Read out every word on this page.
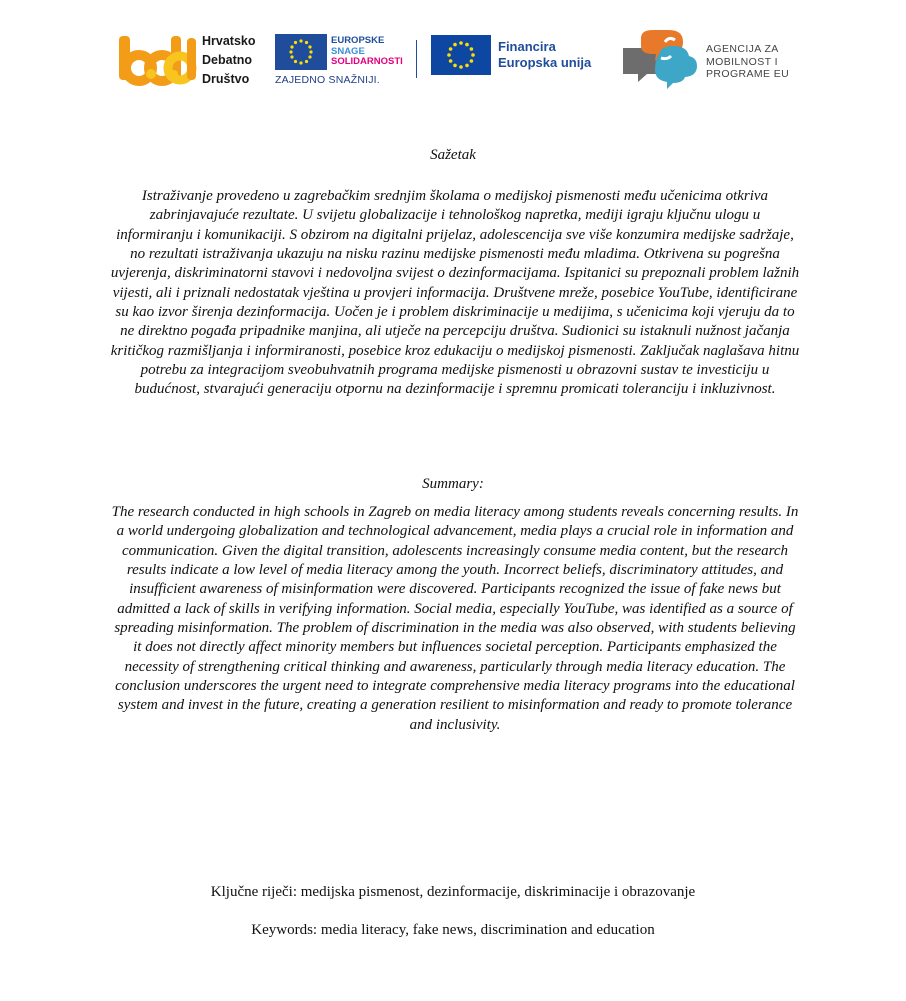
Hrvatsko
Debatno
Društvo
EUROPSKE
SNAGE
SOLIDARNOSTI
ZAJEDNO SNAŽNIJI.
Financira
Europska unija
AGENCIJA ZA
MOBILNOST I
PROGRAME EU
Sažetak
Istraživanje provedeno u zagrebačkim srednjim školama o medijskoj pismenosti među učenicima otkriva zabrinjavajuće rezultate. U svijetu globalizacije i tehnološkog napretka, mediji igraju ključnu ulogu u informiranju i komunikaciji. S obzirom na digitalni prijelaz, adolescencija sve više konzumira medijske sadržaje, no rezultati istraživanja ukazuju na nisku razinu medijske pismenosti među mladima. Otkrivena su pogrešna uvjerenja, diskriminatorni stavovi i nedovoljna svijest o dezinformacijama. Ispitanici su prepoznali problem lažnih vijesti, ali i priznali nedostatak vještina u provjeri informacija. Društvene mreže, posebice YouTube, identificirane su kao izvor širenja dezinformacija. Uočen je i problem diskriminacije u medijima, s učenicima koji vjeruju da to ne direktno pogađa pripadnike manjina, ali utječe na percepciju društva. Sudionici su istaknuli nužnost jačanja kritičkog razmišljanja i informiranosti, posebice kroz edukaciju o medijskoj pismenosti. Zaključak naglašava hitnu potrebu za integracijom sveobuhvatnih programa medijske pismenosti u obrazovni sustav te investiciju u budućnost, stvarajući generaciju otpornu na dezinformacije i spremnu promicati toleranciju i inkluzivnost.
Summary:
The research conducted in high schools in Zagreb on media literacy among students reveals concerning results. In a world undergoing globalization and technological advancement, media plays a crucial role in information and communication. Given the digital transition, adolescents increasingly consume media content, but the research results indicate a low level of media literacy among the youth. Incorrect beliefs, discriminatory attitudes, and insufficient awareness of misinformation were discovered. Participants recognized the issue of fake news but admitted a lack of skills in verifying information. Social media, especially YouTube, was identified as a source of spreading misinformation. The problem of discrimination in the media was also observed, with students believing it does not directly affect minority members but influences societal perception. Participants emphasized the necessity of strengthening critical thinking and awareness, particularly through media literacy education. The conclusion underscores the urgent need to integrate comprehensive media literacy programs into the educational system and invest in the future, creating a generation resilient to misinformation and ready to promote tolerance and inclusivity.
Ključne riječi: medijska pismenost, dezinformacije, diskriminacije i obrazovanje
Keywords: media literacy, fake news, discrimination and education
